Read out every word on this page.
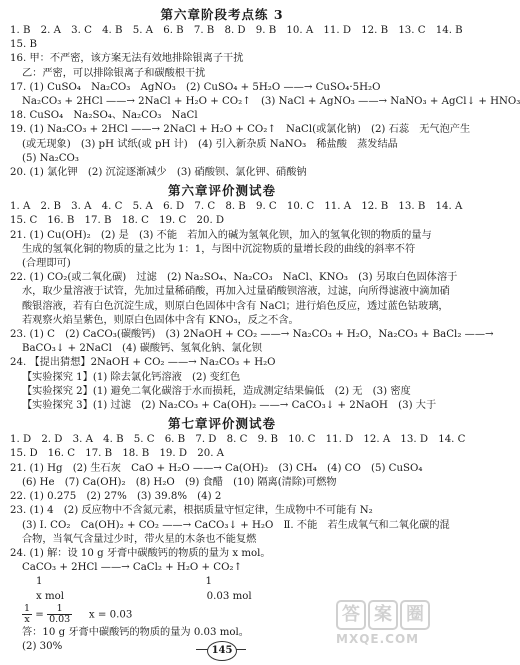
第六章阶段考点练 3
1. B　2. A　3. C　4. B　5. A　6. B　7. B　8. D　9. B　10. A　11. D　12. B　13. C　14. B
15. B
16. 甲：不严密，该方案无法有效地排除银离子干扰
乙：严密，可以排除银离子和碳酸根干扰
17. (1) CuSO₄　Na₂CO₃　AgNO₃　(2) CuSO₄ + 5H₂O ——→ CuSO₄·5H₂O
Na₂CO₃ + 2HCl ——→ 2NaCl + H₂O + CO₂↑　(3) NaCl + AgNO₃ ——→ NaNO₃ + AgCl↓ + HNO₃
18. CuSO₄　Na₂SO₄、Na₂CO₃　NaCl
19. (1) Na₂CO₃ + 2HCl ——→ 2NaCl + H₂O + CO₂↑　NaCl(或氯化钠)　(2) 石蕊　无气泡产生
(或无现象)　(3) pH 试纸(或 pH 计)　(4) 引入新杂质 NaNO₃　稀盐酸　蒸发结晶
(5) Na₂CO₃
20. (1) 氯化钾　(2) 沉淀逐渐减少　(3) 硝酸钡、氯化钾、硝酸钠
第六章评价测试卷
1. A　2. B　3. A　4. C　5. A　6. D　7. C　8. B　9. C　10. C　11. A　12. B　13. B　14. A
15. C　16. B　17. B　18. C　19. C　20. D
21. (1) Cu(OH)₂　(2) 是　(3) 不能　若加入的碱为氢氧化钡，加入的氢氧化钡的物质的量与
生成的氢氧化铜的物质的量之比为 1：1，与图中沉淀物质的量增长段的曲线的斜率不符
(合理即可)
22. (1) CO₂(或二氧化碳)　过滤　(2) Na₂SO₄、Na₂CO₃　NaCl、KNO₃　(3) 另取白色固体溶于
水，取少量溶液于试管，先加过量稀硝酸，再加入过量硝酸钡溶液，过滤，向所得滤液中滴加硝
酸银溶液，若有白色沉淀生成，则原白色固体中含有 NaCl；进行焰色反应，透过蓝色钴玻璃，
若观察火焰呈紫色，则原白色固体中含有 KNO₃，反之不含。
23. (1) C　(2) CaCO₃(碳酸钙)　(3) 2NaOH + CO₂ ——→ Na₂CO₃ + H₂O，Na₂CO₃ + BaCl₂ ——→
BaCO₃↓ + 2NaCl　(4) 碳酸钙、氢氧化钠、氯化钡
24. 【提出猜想】2NaOH + CO₂ ——→ Na₂CO₃ + H₂O
【实验探究 1】(1) 除去氯化钙溶液　(2) 变红色
【实验探究 2】(1) 避免二氧化碳溶于水而损耗，造成测定结果偏低　(2) 无　(3) 密度
【实验探究 3】(1) 过滤　(2) Na₂CO₃ + Ca(OH)₂ ——→ CaCO₃↓ + 2NaOH　(3) 大于
第七章评价测试卷
1. D　2. D　3. A　4. B　5. C　6. B　7. D　8. C　9. B　10. C　11. D　12. A　13. D　14. C
15. D　16. C　17. B　18. B　19. D　20. A
21. (1) Hg　(2) 生石灰　CaO + H₂O ——→ Ca(OH)₂　(3) CH₄　(4) CO　(5) CuSO₄
(6) He　(7) Ca(OH)₂　(8) H₂O　(9) 食醋　(10) 隔离(清除)可燃物
22. (1) 0.275　(2) 27%　(3) 39.8%　(4) 2
23. (1) 4　(2) 反应物中不含氮元素，根据质量守恒定律，生成物中不可能有 N₂
(3) Ⅰ. CO₂　Ca(OH)₂ + CO₂ ——→ CaCO₃↓ + H₂O　Ⅱ. 不能　若生成氧气和二氧化碳的混
合物，当氧气含量过少时，带火星的木条也不能复燃
24. (1) 解：设 10 g 牙膏中碳酸钙的物质的量为 x mol。
CaCO₃ + 2HCl ——→ CaCl₂ + H₂O + CO₂↑
1　　　　　　　　　　　　　　　　1
x mol　　　　　　　　　　　　　　0.03 mol
$\frac{1}{x} = \frac{1}{0.03}$
　 x = 0.03
答：10 g 牙膏中碳酸钙的物质的量为 0.03 mol。
(2) 30%	145
答 案 圈
MXQE.COM
